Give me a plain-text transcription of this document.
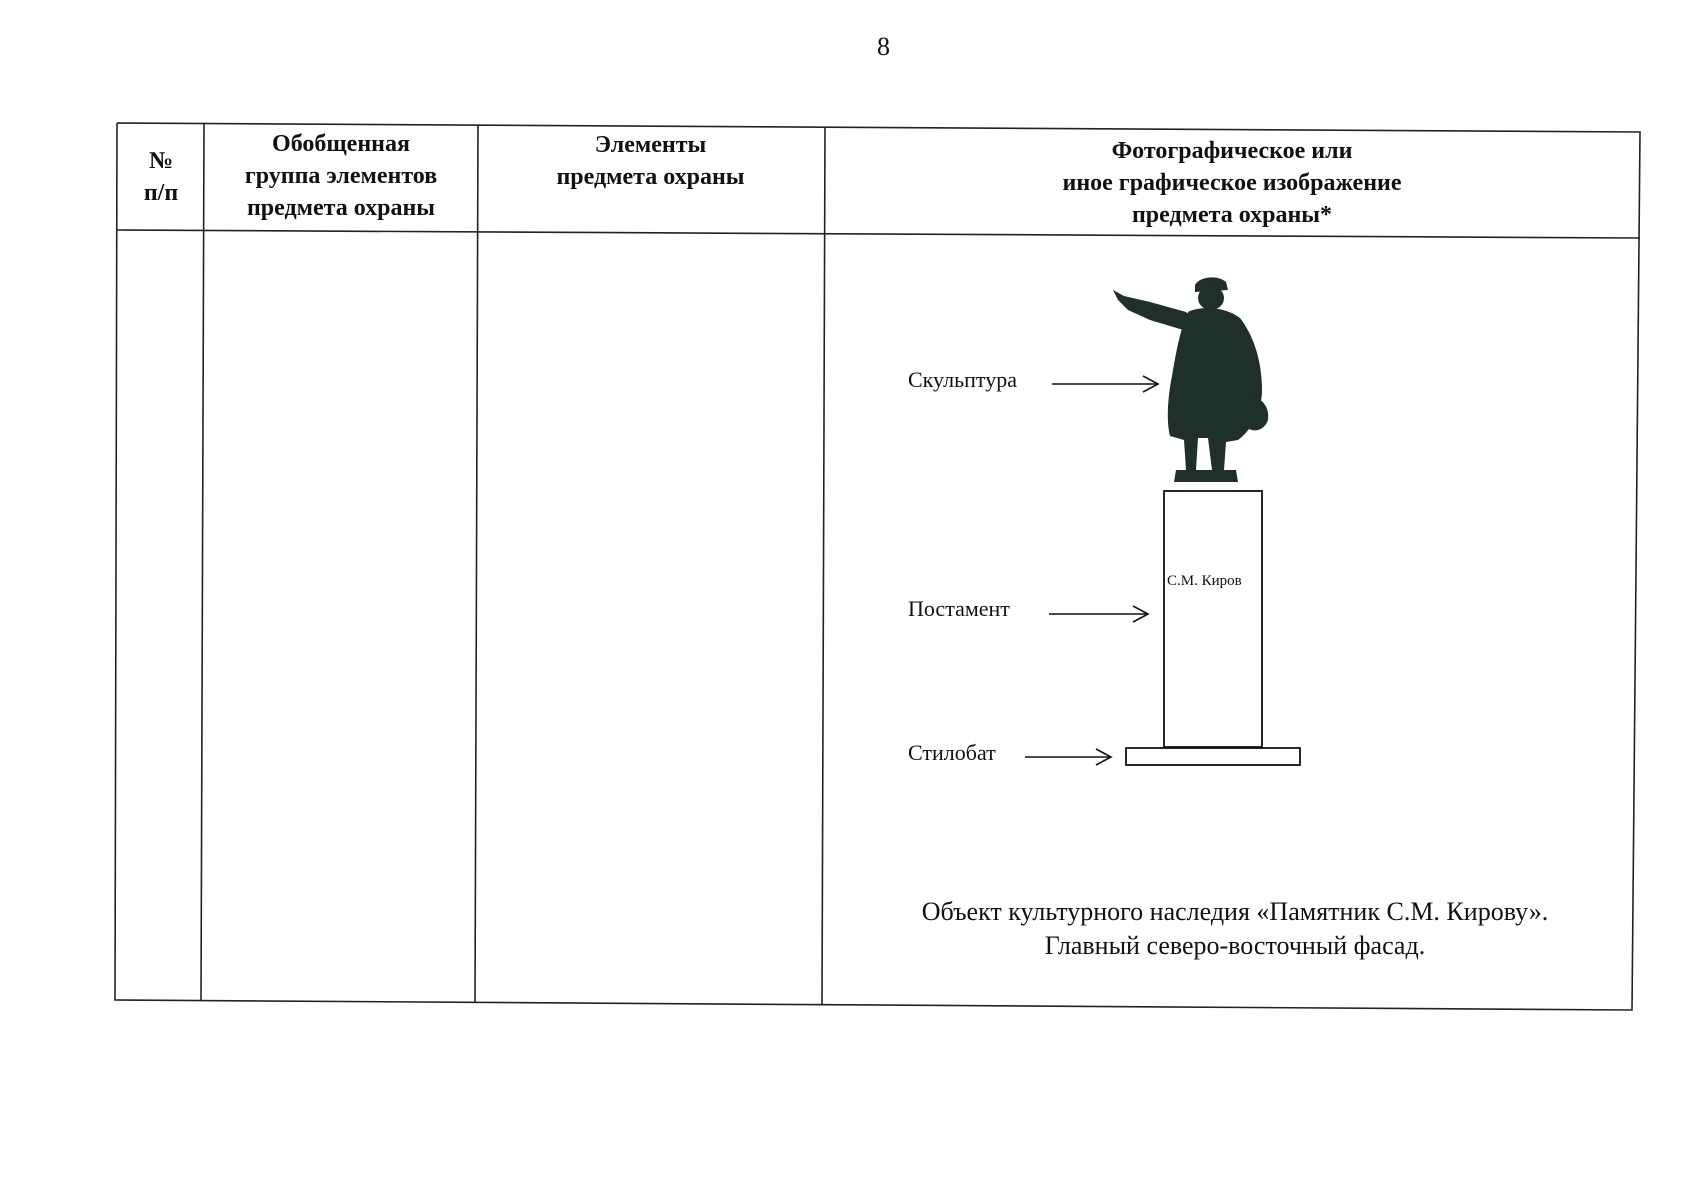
8
№
п/п
Обобщенная
группа элементов
предмета охраны
Элементы
предмета охраны
Фотографическое или
иное графическое изображение
предмета охраны*
Скульптура
Постамент
Стилобат
С.М. Киров
Объект культурного наследия «Памятник С.М. Кирову».
Главный северо-восточный фасад.
